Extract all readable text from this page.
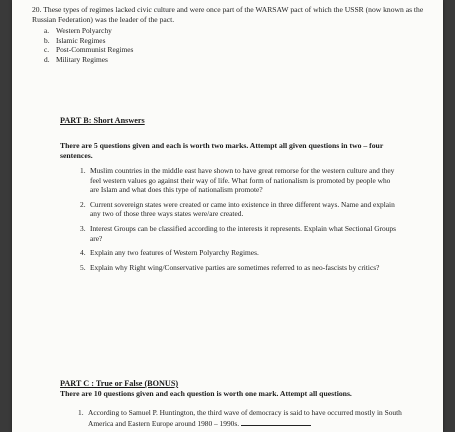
20. These types of regimes lacked civic culture and were once part of the WARSAW pact of which the USSR (now known as the Russian Federation) was the leader of the pact.
a. Western Polyarchy
b. Islamic Regimes
c. Post-Communist Regimes
d. Military Regimes
PART B: Short Answers
There are 5 questions given and each is worth two marks. Attempt all given questions in two – four sentences.
1. Muslim countries in the middle east have shown to have great remorse for the western culture and they feel western values go against their way of life. What form of nationalism is promoted by people who are Islam and what does this type of nationalism promote?
2. Current sovereign states were created or came into existence in three different ways. Name and explain any two of those three ways states were/are created.
3. Interest Groups can be classified according to the interests it represents. Explain what Sectional Groups are?
4. Explain any two features of Western Polyarchy Regimes.
5. Explain why Right wing/Conservative parties are sometimes referred to as neo-fascists by critics?
PART C : True or False (BONUS)
There are 10 questions given and each question is worth one mark. Attempt all questions.
1. According to Samuel P. Huntington, the third wave of democracy is said to have occurred mostly in South America and Eastern Europe around 1980 – 1990s.
